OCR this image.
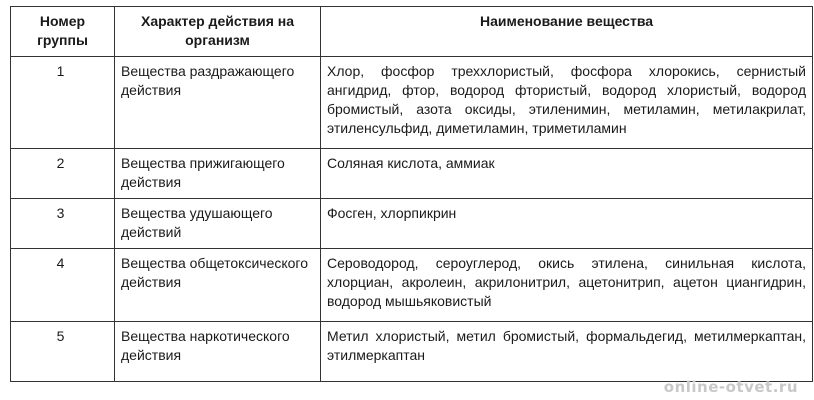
Номер группы	Характер действия на организм	Наименование вещества
1	Вещества раздражающего действия	Хлор, фосфор треххлористый, фосфора хлорокись, сернистый ангидрид, фтор, водород фтористый, водород хлористый, водород бромистый, азота оксиды, этиленимин, метиламин, метилакрилат, этиленсульфид, диметиламин, триметиламин
2	Вещества прижигающего действия	Соляная кислота, аммиак
3	Вещества удушающего действий	Фосген, хлорпикрин
4	Вещества общетоксического действия	Сероводород, сероуглерод, окись этилена, синильная кислота, хлорциан, акролеин, акрилонитрил, ацетонитрип, ацетон циангидрин, водород мышьяковистый
5	Вещества наркотического действия	Метил хлористый, метил бромистый, формальдегид, метилмеркаптан, этилмеркаптан
online-otvet.ru
